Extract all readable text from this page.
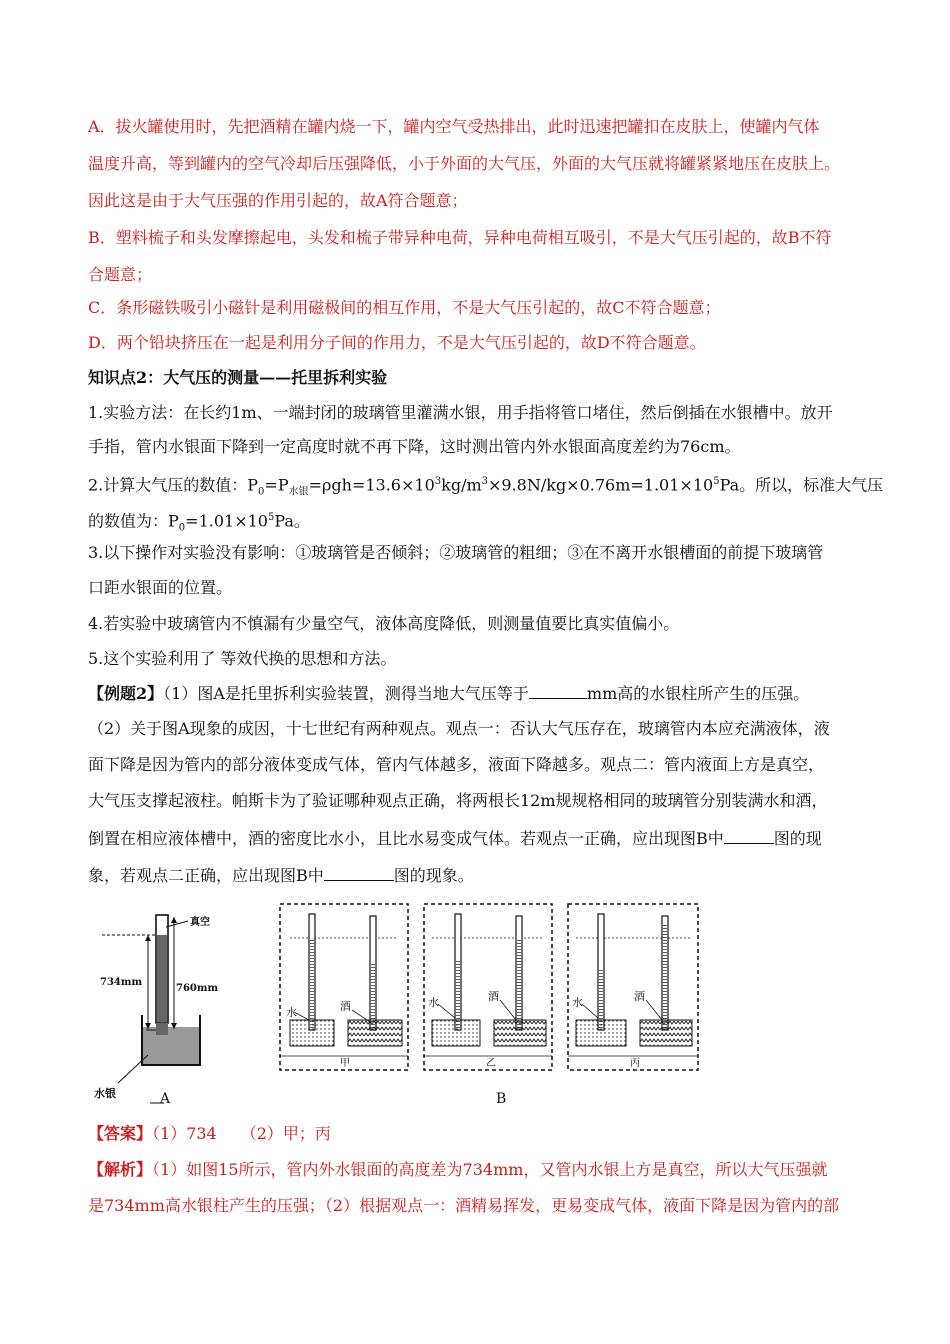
A．拔火罐使用时，先把酒精在罐内烧一下，罐内空气受热排出，此时迅速把罐扣在皮肤上，使罐内气体
温度升高，等到罐内的空气冷却后压强降低，小于外面的大气压，外面的大气压就将罐紧紧地压在皮肤上。
因此这是由于大气压强的作用引起的，故A符合题意；
B．塑料梳子和头发摩擦起电，头发和梳子带异种电荷，异种电荷相互吸引，不是大气压引起的，故B不符
合题意；
C．条形磁铁吸引小磁针是利用磁极间的相互作用，不是大气压引起的，故C不符合题意；
D．两个铅块挤压在一起是利用分子间的作用力，不是大气压引起的，故D不符合题意。
知识点2：大气压的测量——托里拆利实验
1.实验方法：在长约1m、一端封闭的玻璃管里灌满水银，用手指将管口堵住，然后倒插在水银槽中。放开
手指，管内水银面下降到一定高度时就不再下降，这时测出管内外水银面高度差约为76cm。
2.计算大气压的数值：$P_0=P_{水银}=\rho gh=13.6\times 10^3kg/m^3\times 9.8N/kg\times 0.76m=1.01\times 10^5Pa$。所以，标准大气压
的数值为：$P_0=1.01\times 10^5Pa$。
3.以下操作对实验没有影响：①玻璃管是否倾斜；②玻璃管的粗细；③在不离开水银槽面的前提下玻璃管
口距水银面的位置。
4.若实验中玻璃管内不慎漏有少量空气，液体高度降低，则测量值要比真实值偏小。
5.这个实验利用了 等效代换的思想和方法。
【例题2】（1）图A是托里拆利实验装置，测得当地大气压等于	mm高的水银柱所产生的压强。
（2）关于图A现象的成因，十七世纪有两种观点。观点一：否认大气压存在，玻璃管内本应充满液体，液
面下降是因为管内的部分液体变成气体，管内气体越多，液面下降越多。观点二：管内液面上方是真空，
大气压支撑起液柱。帕斯卡为了验证哪种观点正确，将两根长12m规规格相同的玻璃管分别装满水和酒，
倒置在相应液体槽中，酒的密度比水小，且比水易变成气体。若观点一正确，应出现图B中	图的现
象，若观点二正确，应出现图B中	图的现象。
真空
734mm
760mm
水银	A
水	酒
甲
水	酒
乙
水	酒
丙
B
【答案】（1）734　　（2）甲；丙
【解析】（1）如图15所示，管内外水银面的高度差为734mm，又管内水银上方是真空，所以大气压强就
是734mm高水银柱产生的压强；（2）根据观点一：酒精易挥发，更易变成气体，液面下降是因为管内的部
